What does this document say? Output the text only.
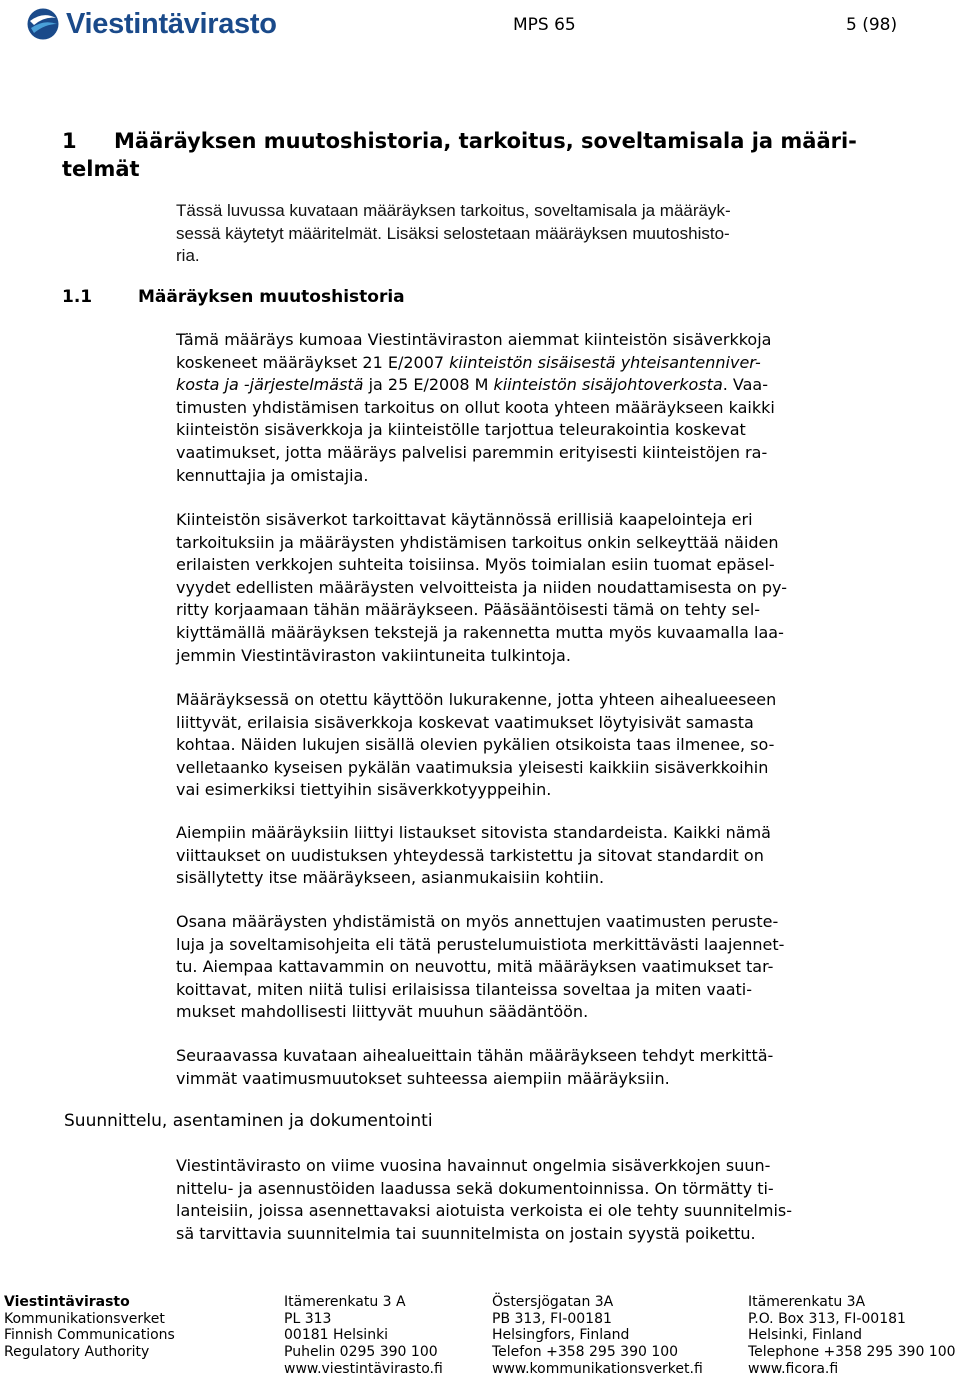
Viestintävirasto	MPS 65	5 (98)
1 Määräyksen muutoshistoria, tarkoitus, soveltamisala ja määri-
telmät
Tässä luvussa kuvataan määräyksen tarkoitus, soveltamisala ja määräyk-
sessä käytetyt määritelmät. Lisäksi selostetaan määräyksen muutoshisto-
ria.
1.1	Määräyksen muutoshistoria
Tämä määräys kumoaa Viestintäviraston aiemmat kiinteistön sisäverkkoja
koskeneet määräykset 21 E/2007 kiinteistön sisäisestä yhteisantenniver-
kosta ja -järjestelmästä ja 25 E/2008 M kiinteistön sisäjohtoverkosta. Vaa-
timusten yhdistämisen tarkoitus on ollut koota yhteen määräykseen kaikki
kiinteistön sisäverkkoja ja kiinteistölle tarjottua teleurakointia koskevat
vaatimukset, jotta määräys palvelisi paremmin erityisesti kiinteistöjen ra-
kennuttajia ja omistajia.
Kiinteistön sisäverkot tarkoittavat käytännössä erillisiä kaapelointeja eri
tarkoituksiin ja määräysten yhdistämisen tarkoitus onkin selkeyttää näiden
erilaisten verkkojen suhteita toisiinsa. Myös toimialan esiin tuomat epäsel-
vyydet edellisten määräysten velvoitteista ja niiden noudattamisesta on py-
ritty korjaamaan tähän määräykseen. Pääsääntöisesti tämä on tehty sel-
kiyttämällä määräyksen tekstejä ja rakennetta mutta myös kuvaamalla laa-
jemmin Viestintäviraston vakiintuneita tulkintoja.
Määräyksessä on otettu käyttöön lukurakenne, jotta yhteen aihealueeseen
liittyvät, erilaisia sisäverkkoja koskevat vaatimukset löytyisivät samasta
kohtaa. Näiden lukujen sisällä olevien pykälien otsikoista taas ilmenee, so-
velletaanko kyseisen pykälän vaatimuksia yleisesti kaikkiin sisäverkkoihin
vai esimerkiksi tiettyihin sisäverkkotyyppeihin.
Aiempiin määräyksiin liittyi listaukset sitovista standardeista. Kaikki nämä
viittaukset on uudistuksen yhteydessä tarkistettu ja sitovat standardit on
sisällytetty itse määräykseen, asianmukaisiin kohtiin.
Osana määräysten yhdistämistä on myös annettujen vaatimusten peruste-
luja ja soveltamisohjeita eli tätä perustelumuistiota merkittävästi laajennet-
tu. Aiempaa kattavammin on neuvottu, mitä määräyksen vaatimukset tar-
koittavat, miten niitä tulisi erilaisissa tilanteissa soveltaa ja miten vaati-
mukset mahdollisesti liittyvät muuhun säädäntöön.
Seuraavassa kuvataan aihealueittain tähän määräykseen tehdyt merkittä-
vimmät vaatimusmuutokset suhteessa aiempiin määräyksiin.
Suunnittelu, asentaminen ja dokumentointi
Viestintävirasto on viime vuosina havainnut ongelmia sisäverkkojen suun-
nittelu- ja asennustöiden laadussa sekä dokumentoinnissa. On törmätty ti-
lanteisiin, joissa asennettavaksi aiotuista verkoista ei ole tehty suunnitelmis-
sä tarvittavia suunnitelmia tai suunnitelmista on jostain syystä poikettu.
Viestintävirasto
Kommunikationsverket
Finnish Communications
Regulatory Authority
Itämerenkatu 3 A
PL 313
00181 Helsinki
Puhelin 0295 390 100
www.viestintävirasto.fi
Östersjögatan 3A
PB 313, FI-00181
Helsingfors, Finland
Telefon +358 295 390 100
www.kommunikationsverket.fi
Itämerenkatu 3A
P.O. Box 313, FI-00181
Helsinki, Finland
Telephone +358 295 390 100
www.ficora.fi
